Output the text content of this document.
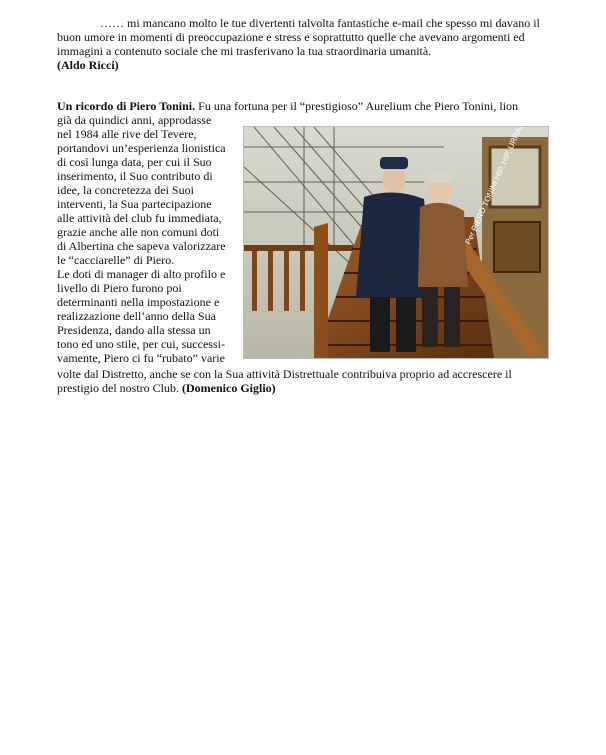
…… mi mancano molto le tue divertenti talvolta fantastiche e-mail che spesso mi davano il
buon umore in momenti di preoccupazione e stress e soprattutto quelle che avevano argomenti ed
immagini a contenuto sociale che mi trasferivano la tua straordinaria umanità.
(Aldo Ricci)
Un ricordo di Piero Tonini. Fu una fortuna per il “prestigioso” Aurelium che Piero Tonini, lion
già da quindici anni, approdasse
nel 1984 alle rive del Tevere,
portandovi un’esperienza lionistica
di così lunga data, per cui il Suo
inserimento, il Suo contributo di
idee, la concretezza dei Suoi
interventi, la Sua partecipazione
alle attività del club fu immediata,
grazie anche alle non comuni doti
di Albertina che sapeva valorizzare
le “cacciarelle” di Piero.
Le doti di manager di alto profilo e
livello di Piero furono poi
determinanti nella impostazione e
realizzazione dell’anno della Sua
Presidenza, dando alla stessa un
tono ed uno stile, per cui, successi-
vamente, Piero ci fu “rubato” varie
volte dal Distretto, anche se con la Sua attività Distrettuale contribuiva proprio ad accrescere il
prestigio del nostro Club. (Domenico Giglio)
Per PIERO TONINI HIP, HIP,
